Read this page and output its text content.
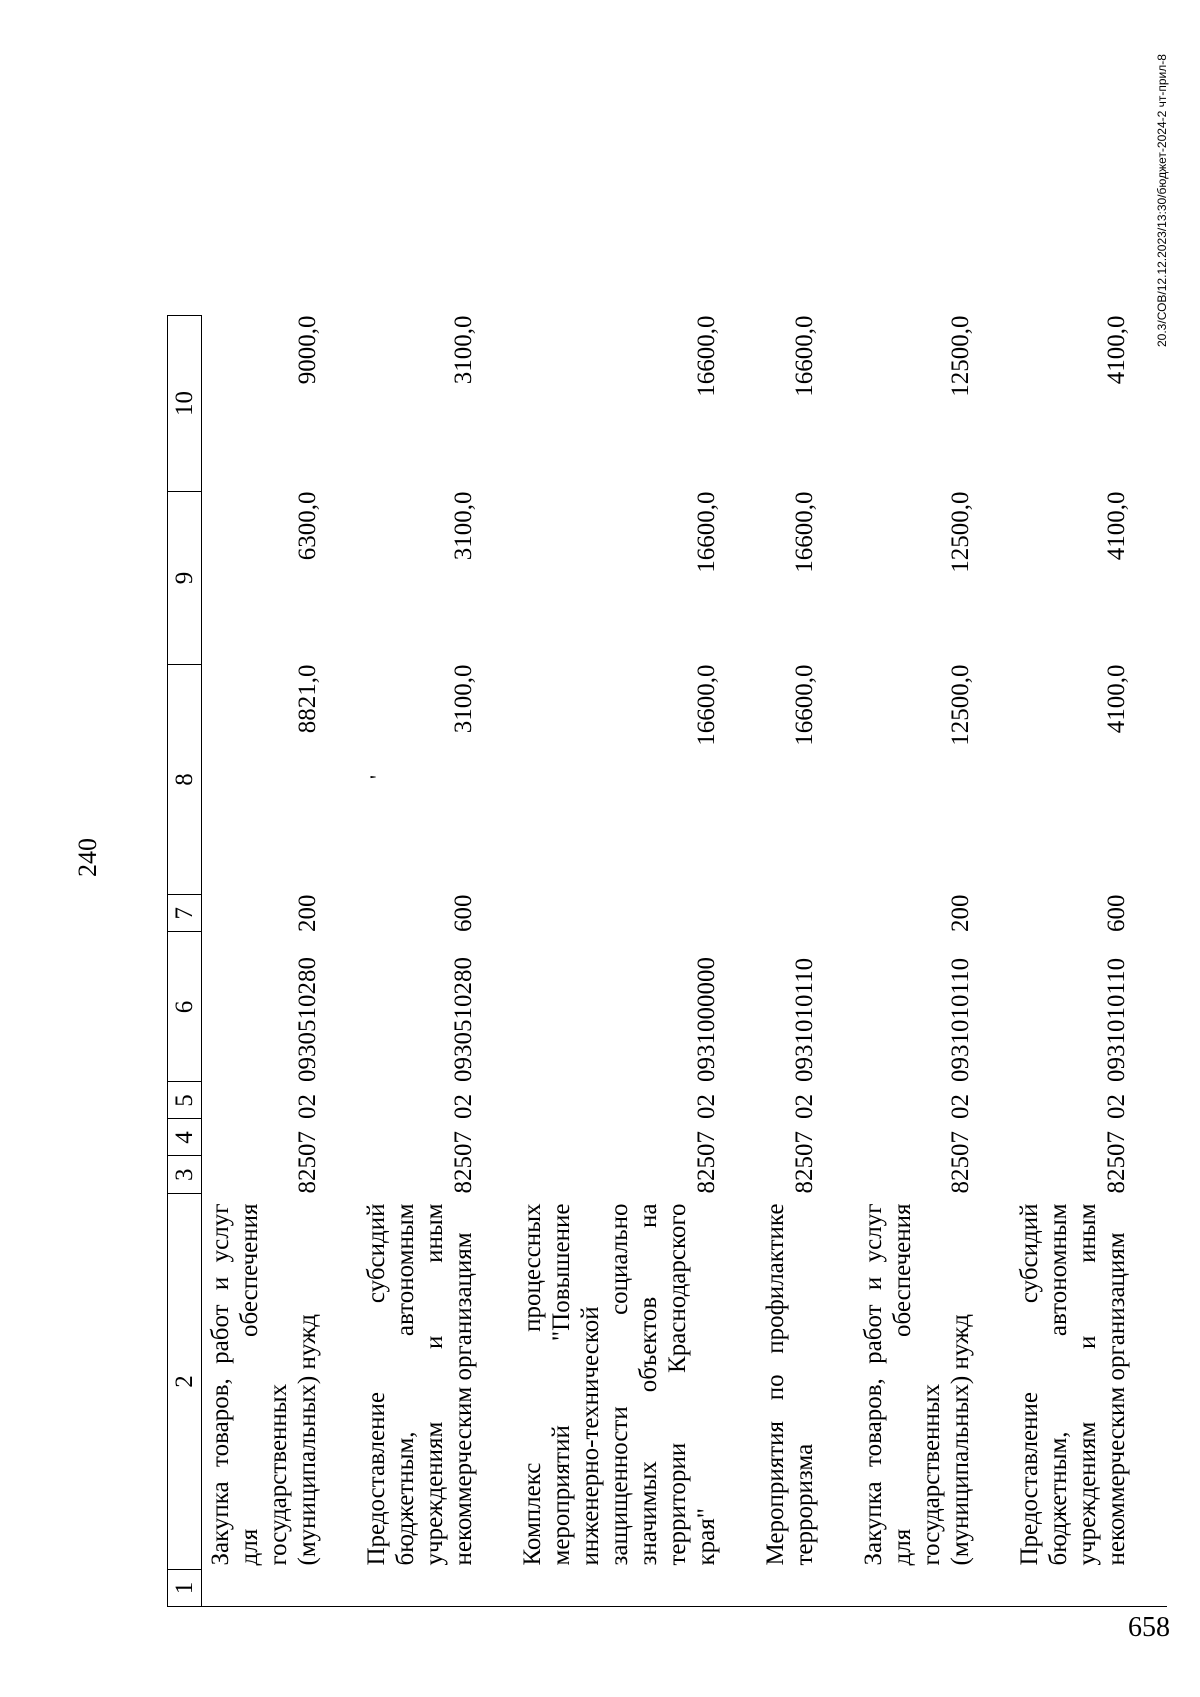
240
1	2	3	4	5	6	7	8	9	10
	Закупка товаров, работ и услуг для обеспечения государственных (муниципальных) нужд	825	07	02	0930510280	200	8821,0	6300,0	9000,0
	Предоставление субсидий бюджетным, автономным учреждениям и иным некоммерческим организациям	825	07	02	0930510280	600	3100,0	3100,0	3100,0
	Комплекс процессных мероприятий "Повышение инженерно-технической защищенности социально значимых объектов на территории Краснодарского края"	825	07	02	0931000000		16600,0	16600,0	16600,0
	Мероприятия по профилактике терроризма	825	07	02	0931010110		16600,0	16600,0	16600,0
	Закупка товаров, работ и услуг для обеспечения государственных (муниципальных) нужд	825	07	02	0931010110	200	12500,0	12500,0	12500,0
	Предоставление субсидий бюджетным, автономным учреждениям и иным некоммерческим организациям	825	07	02	0931010110	600	4100,0	4100,0	4100,0
'
20.3/СОВ/12.12.2023/13:30/бюджет-2024-2 чт-прил-8
658
